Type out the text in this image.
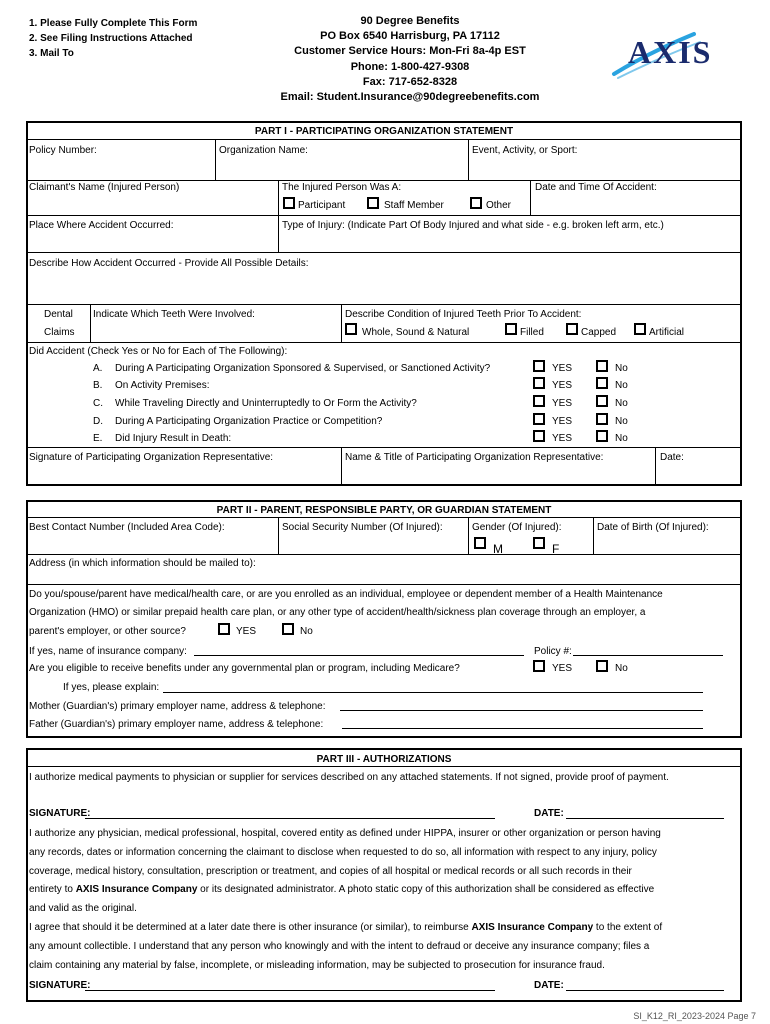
1. Please Fully Complete This Form
2. See Filing Instructions Attached
3. Mail To
90 Degree Benefits
PO Box 6540 Harrisburg, PA 17112
Customer Service Hours: Mon-Fri 8a-4p EST
Phone: 1-800-427-9308
Fax: 717-652-8328
Email: Student.Insurance@90degreebenefits.com
AXIS
PART I - PARTICIPATING ORGANIZATION STATEMENT
Policy Number:	Organization Name:	Event, Activity, or Sport:
Claimant's Name (Injured Person)	The Injured Person Was A:	Date and Time Of Accident:
Participant	Staff Member	Other
Place Where Accident Occurred:	Type of Injury: (Indicate Part Of Body Injured and what side - e.g. broken left arm, etc.)
Describe How Accident Occurred - Provide All Possible Details:
Dental
Claims
Indicate Which Teeth Were Involved:	Describe Condition of Injured Teeth Prior To Accident:
Whole, Sound & Natural	Filled	Capped	Artificial
Did Accident (Check Yes or No for Each of The Following):
A. During A Participating Organization Sponsored & Supervised, or Sanctioned Activity?	YES	No
B. On Activity Premises:	YES	No
C. While Traveling Directly and Uninterruptedly to Or Form the Activity?	YES	No
D. During A Participating Organization Practice or Competition?	YES	No
E. Did Injury Result in Death:	YES	No
Signature of Participating Organization Representative:	Name & Title of Participating Organization Representative:	Date:
PART II - PARENT, RESPONSIBLE PARTY, OR GUARDIAN STATEMENT
Best Contact Number (Included Area Code):	Social Security Number (Of Injured):	Gender (Of Injured):	Date of Birth (Of Injured):
M	F
Address (in which information should be mailed to):
Do you/spouse/parent have medical/health care, or are you enrolled as an individual, employee or dependent member of a Health Maintenance
Organization (HMO) or similar prepaid health care plan, or any other type of accident/health/sickness plan coverage through an employer, a
parent's employer, or other source?	YES	No
If yes, name of insurance company:	Policy #:
Are you eligible to receive benefits under any governmental plan or program, including Medicare?	YES	No
If yes, please explain:
Mother (Guardian's) primary employer name, address & telephone:
Father (Guardian's) primary employer name, address & telephone:
PART III - AUTHORIZATIONS
I authorize medical payments to physician or supplier for services described on any attached statements. If not signed, provide proof of payment.
SIGNATURE:	DATE:
I authorize any physician, medical professional, hospital, covered entity as defined under HIPPA, insurer or other organization or person having
any records, dates or information concerning the claimant to disclose when requested to do so, all information with respect to any injury, policy
coverage, medical history, consultation, prescription or treatment, and copies of all hospital or medical records or all such records in their
entirety to AXIS Insurance Company or its designated administrator. A photo static copy of this authorization shall be considered as effective
and valid as the original.
I agree that should it be determined at a later date there is other insurance (or similar), to reimburse AXIS Insurance Company to the extent of
any amount collectible. I understand that any person who knowingly and with the intent to defraud or deceive any insurance company; files a
claim containing any material by false, incomplete, or misleading information, may be subjected to prosecution for insurance fraud.
SIGNATURE:	DATE:
SI_K12_RI_2023-2024 Page 7
